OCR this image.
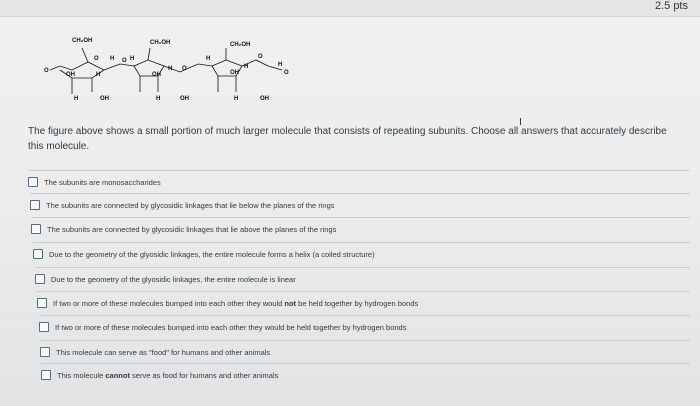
2.5 pts
CH₂OH	CH₂OH	CH₂OH
O
OH
O H
H
O H
OH
H O
H
OH
H
O
H
O
H	OH	H	OH	H	OH
I
The figure above shows a small portion of much larger molecule that consists of repeating subunits. Choose all answers that accurately describe this molecule.
The subunits are monosaccharides
The subunits are connected by glycosidic linkages that lie below the planes of the rings
The subunits are connected by glycosidic linkages that lie above the planes of the rings
Due to the geometry of the glyosidic linkages, the entire molecule forms a helix (a coiled structure)
Due to the geometry of the glyosidic linkages, the entire molecule is linear
If two or more of these molecules bumped into each other they would not be held together by hydrogen bonds
If two or more of these molecules bumped into each other they would be held together by hydrogen bonds
This molecule can serve as "food" for humans and other animals
This molecule cannot serve as food for humans and other animals
